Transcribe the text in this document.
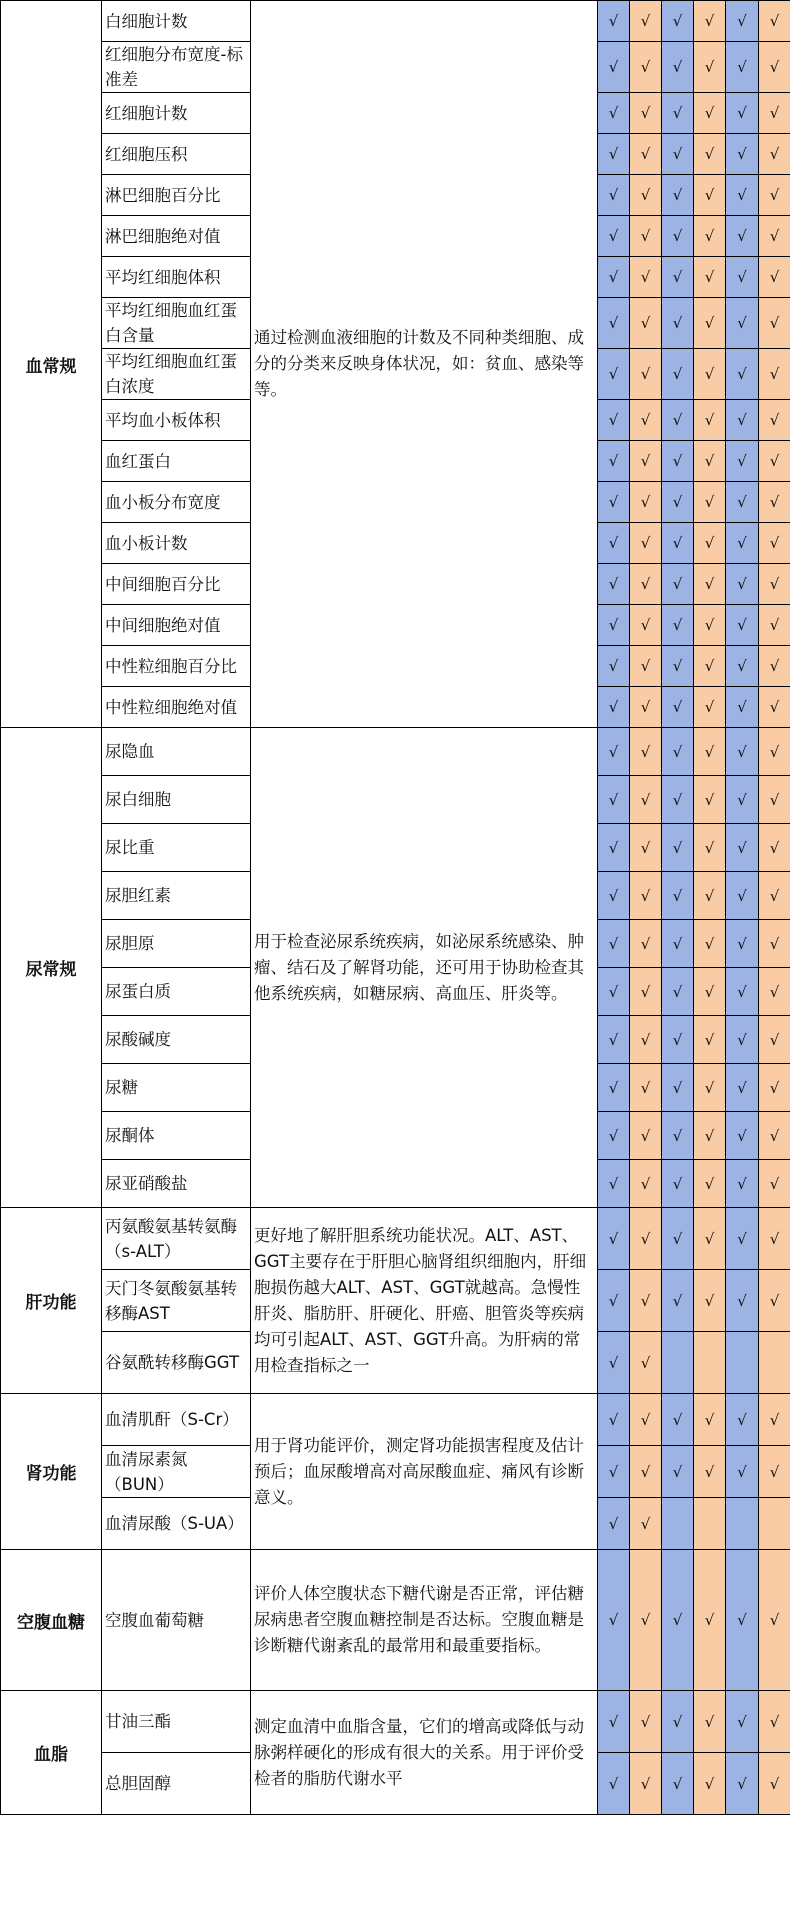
血常规	白细胞计数	通过检测血液细胞的计数及不同种类细胞、成分的分类来反映身体状况，如：贫血、感染等等。	√	√	√	√	√	√
	红细胞分布宽度-标准差		√	√	√	√	√	√
	红细胞计数		√	√	√	√	√	√
	红细胞压积		√	√	√	√	√	√
	淋巴细胞百分比		√	√	√	√	√	√
	淋巴细胞绝对值		√	√	√	√	√	√
	平均红细胞体积		√	√	√	√	√	√
	平均红细胞血红蛋白含量		√	√	√	√	√	√
	平均红细胞血红蛋白浓度		√	√	√	√	√	√
	平均血小板体积		√	√	√	√	√	√
	血红蛋白		√	√	√	√	√	√
	血小板分布宽度		√	√	√	√	√	√
	血小板计数		√	√	√	√	√	√
	中间细胞百分比		√	√	√	√	√	√
	中间细胞绝对值		√	√	√	√	√	√
	中性粒细胞百分比		√	√	√	√	√	√
	中性粒细胞绝对值		√	√	√	√	√	√
尿常规	尿隐血	用于检查泌尿系统疾病，如泌尿系统感染、肿瘤、结石及了解肾功能，还可用于协助检查其他系统疾病，如糖尿病、高血压、肝炎等。	√	√	√	√	√	√
	尿白细胞		√	√	√	√	√	√
	尿比重		√	√	√	√	√	√
	尿胆红素		√	√	√	√	√	√
	尿胆原		√	√	√	√	√	√
	尿蛋白质		√	√	√	√	√	√
	尿酸碱度		√	√	√	√	√	√
	尿糖		√	√	√	√	√	√
	尿酮体		√	√	√	√	√	√
	尿亚硝酸盐		√	√	√	√	√	√
肝功能	丙氨酸氨基转氨酶（s-ALT）	更好地了解肝胆系统功能状况。ALT、AST、GGT主要存在于肝胆心脑肾组织细胞内，肝细胞损伤越大ALT、AST、GGT就越高。急慢性肝炎、脂肪肝、肝硬化、肝癌、胆管炎等疾病均可引起ALT、AST、GGT升高。为肝病的常用检查指标之一	√	√	√	√	√	√
	天门冬氨酸氨基转移酶AST		√	√	√	√	√	√
	谷氨酰转移酶GGT		√	√				
肾功能	血清肌酐（S-Cr）	用于肾功能评价，测定肾功能损害程度及估计预后；血尿酸增高对高尿酸血症、痛风有诊断意义。	√	√	√	√	√	√
	血清尿素氮（BUN）		√	√	√	√	√	√
	血清尿酸（S-UA）		√	√				
空腹血糖	空腹血葡萄糖	评价人体空腹状态下糖代谢是否正常，评估糖尿病患者空腹血糖控制是否达标。空腹血糖是诊断糖代谢紊乱的最常用和最重要指标。	√	√	√	√	√	√
血脂	甘油三酯	测定血清中血脂含量，它们的增高或降低与动脉粥样硬化的形成有很大的关系。用于评价受检者的脂肪代谢水平	√	√	√	√	√	√
	总胆固醇		√	√	√	√	√	√
